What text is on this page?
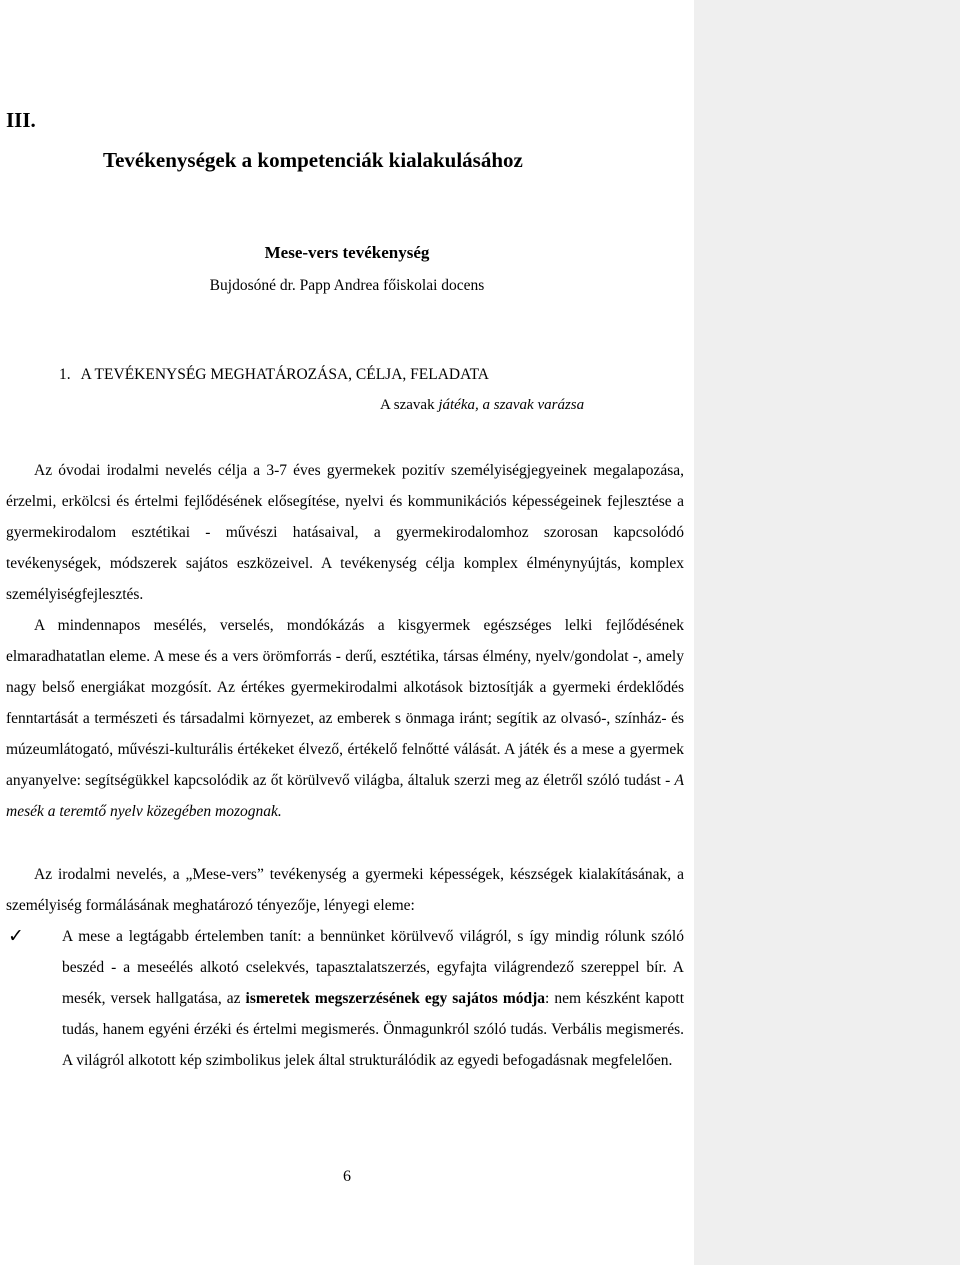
III.
Tevékenységek a kompetenciák kialakulásához
Mese-vers tevékenység
Bujdosóné dr. Papp Andrea főiskolai docens
1. A TEVÉKENYSÉG MEGHATÁROZÁSA, CÉLJA, FELADATA
A szavak játéka, a szavak varázsa

Az óvodai irodalmi nevelés célja a 3-7 éves gyermekek pozitív személyiségjegyeinek megalapozása, érzelmi, erkölcsi és értelmi fejlődésének elősegítése, nyelvi és kommunikációs képességeinek fejlesztése a gyermekirodalom esztétikai - művészi hatásaival, a gyermekirodalomhoz szorosan kapcsolódó tevékenységek, módszerek sajátos eszközeivel. A tevékenység célja komplex élménynyújtás, komplex személyiségfejlesztés.

A mindennapos mesélés, verselés, mondókázás a kisgyermek egészséges lelki fejlődésének elmaradhatatlan eleme. A mese és a vers örömforrás - derű, esztétika, társas élmény, nyelv/gondolat -, amely nagy belső energiákat mozgósít. Az értékes gyermekirodalmi alkotások biztosítják a gyermeki érdeklődés fenntartását a természeti és társadalmi környezet, az emberek s önmaga iránt; segítik az olvasó-, színház- és múzeumlátogató, művészi-kulturális értékeket élvező, értékelő felnőtté válását. A játék és a mese a gyermek anyanyelve: segítségükkel kapcsolódik az őt körülvevő világba, általuk szerzi meg az életről szóló tudást - A mesék a teremtő nyelv közegében mozognak.

Az irodalmi nevelés, a „Mese-vers” tevékenység a gyermeki képességek, készségek kialakításának, a személyiség formálásának meghatározó tényezője, lényegi eleme:

✓ A mese a legtágabb értelemben tanít: a bennünket körülvevő világról, s így mindig rólunk szóló beszéd - a meseélés alkotó cselekvés, tapasztalatszerzés, egyfajta világrendező szereppel bír. A mesék, versek hallgatása, az ismeretek megszerzésének egy sajátos módja: nem készként kapott tudás, hanem egyéni érzéki és értelmi megismerés. Önmagunkról szóló tudás. Verbális megismerés. A világról alkotott kép szimbolikus jelek által strukturálódik az egyedi befogadásnak megfelelően.
6
